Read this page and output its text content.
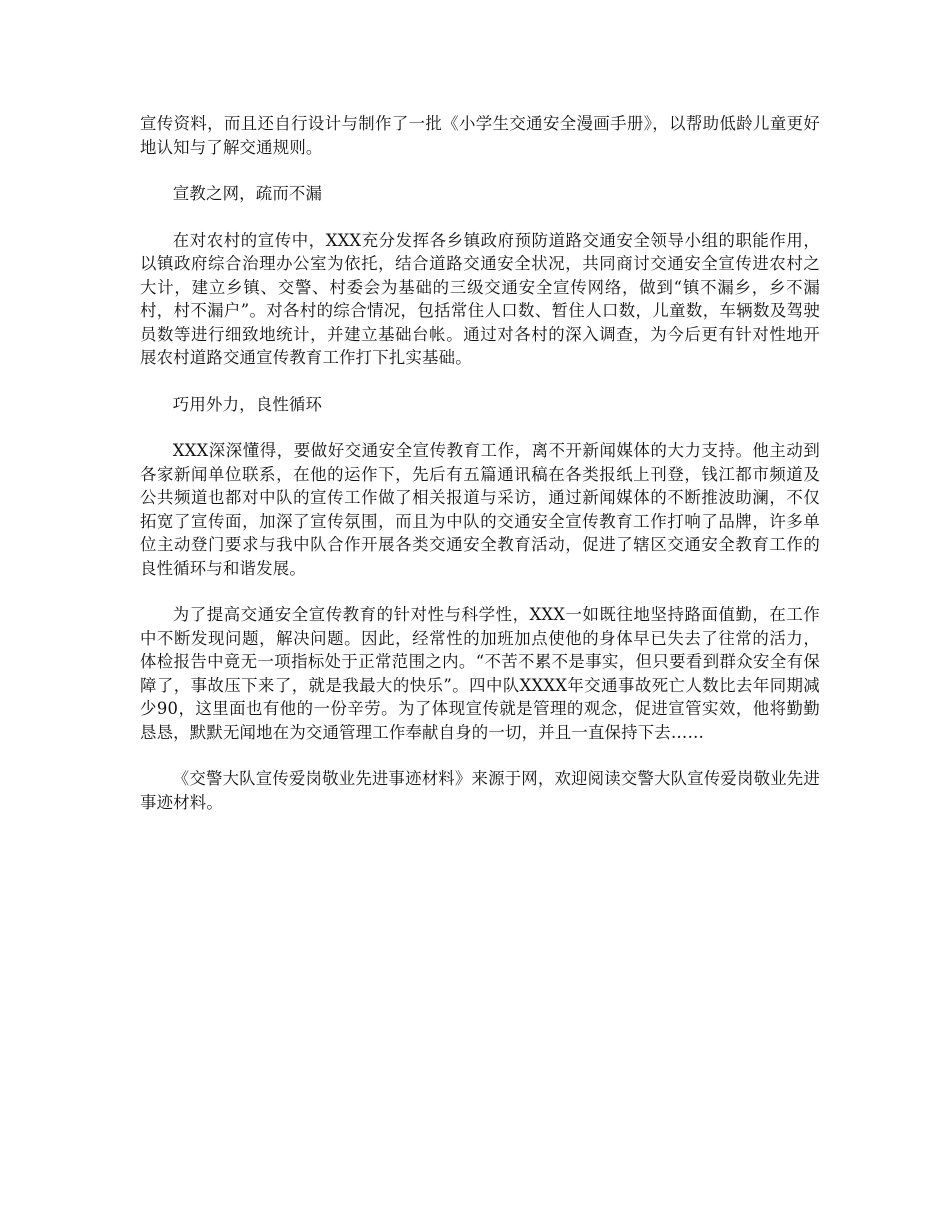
宣传资料，而且还自行设计与制作了一批《小学生交通安全漫画手册》，以帮助低龄儿童更好地认知与了解交通规则。

宣教之网，疏而不漏

在对农村的宣传中，XXX充分发挥各乡镇政府预防道路交通安全领导小组的职能作用，以镇政府综合治理办公室为依托，结合道路交通安全状况，共同商讨交通安全宣传进农村之大计，建立乡镇、交警、村委会为基础的三级交通安全宣传网络，做到“镇不漏乡，乡不漏村，村不漏户”。对各村的综合情况，包括常住人口数、暂住人口数，儿童数，车辆数及驾驶员数等进行细致地统计，并建立基础台帐。通过对各村的深入调查，为今后更有针对性地开展农村道路交通宣传教育工作打下扎实基础。

巧用外力，良性循环

XXX深深懂得，要做好交通安全宣传教育工作，离不开新闻媒体的大力支持。他主动到各家新闻单位联系，在他的运作下，先后有五篇通讯稿在各类报纸上刊登，钱江都市频道及公共频道也都对中队的宣传工作做了相关报道与采访，通过新闻媒体的不断推波助澜，不仅拓宽了宣传面，加深了宣传氛围，而且为中队的交通安全宣传教育工作打响了品牌，许多单位主动登门要求与我中队合作开展各类交通安全教育活动，促进了辖区交通安全教育工作的良性循环与和谐发展。

为了提高交通安全宣传教育的针对性与科学性，XXX一如既往地坚持路面值勤，在工作中不断发现问题，解决问题。因此，经常性的加班加点使他的身体早已失去了往常的活力，体检报告中竟无一项指标处于正常范围之内。“不苦不累不是事实，但只要看到群众安全有保障了，事故压下来了，就是我最大的快乐”。四中队XXXX年交通事故死亡人数比去年同期减少90，这里面也有他的一份辛劳。为了体现宣传就是管理的观念，促进宣管实效，他将勤勤恳恳，默默无闻地在为交通管理工作奉献自身的一切，并且一直保持下去……

《交警大队宣传爱岗敬业先进事迹材料》来源于网，欢迎阅读交警大队宣传爱岗敬业先进事迹材料。
